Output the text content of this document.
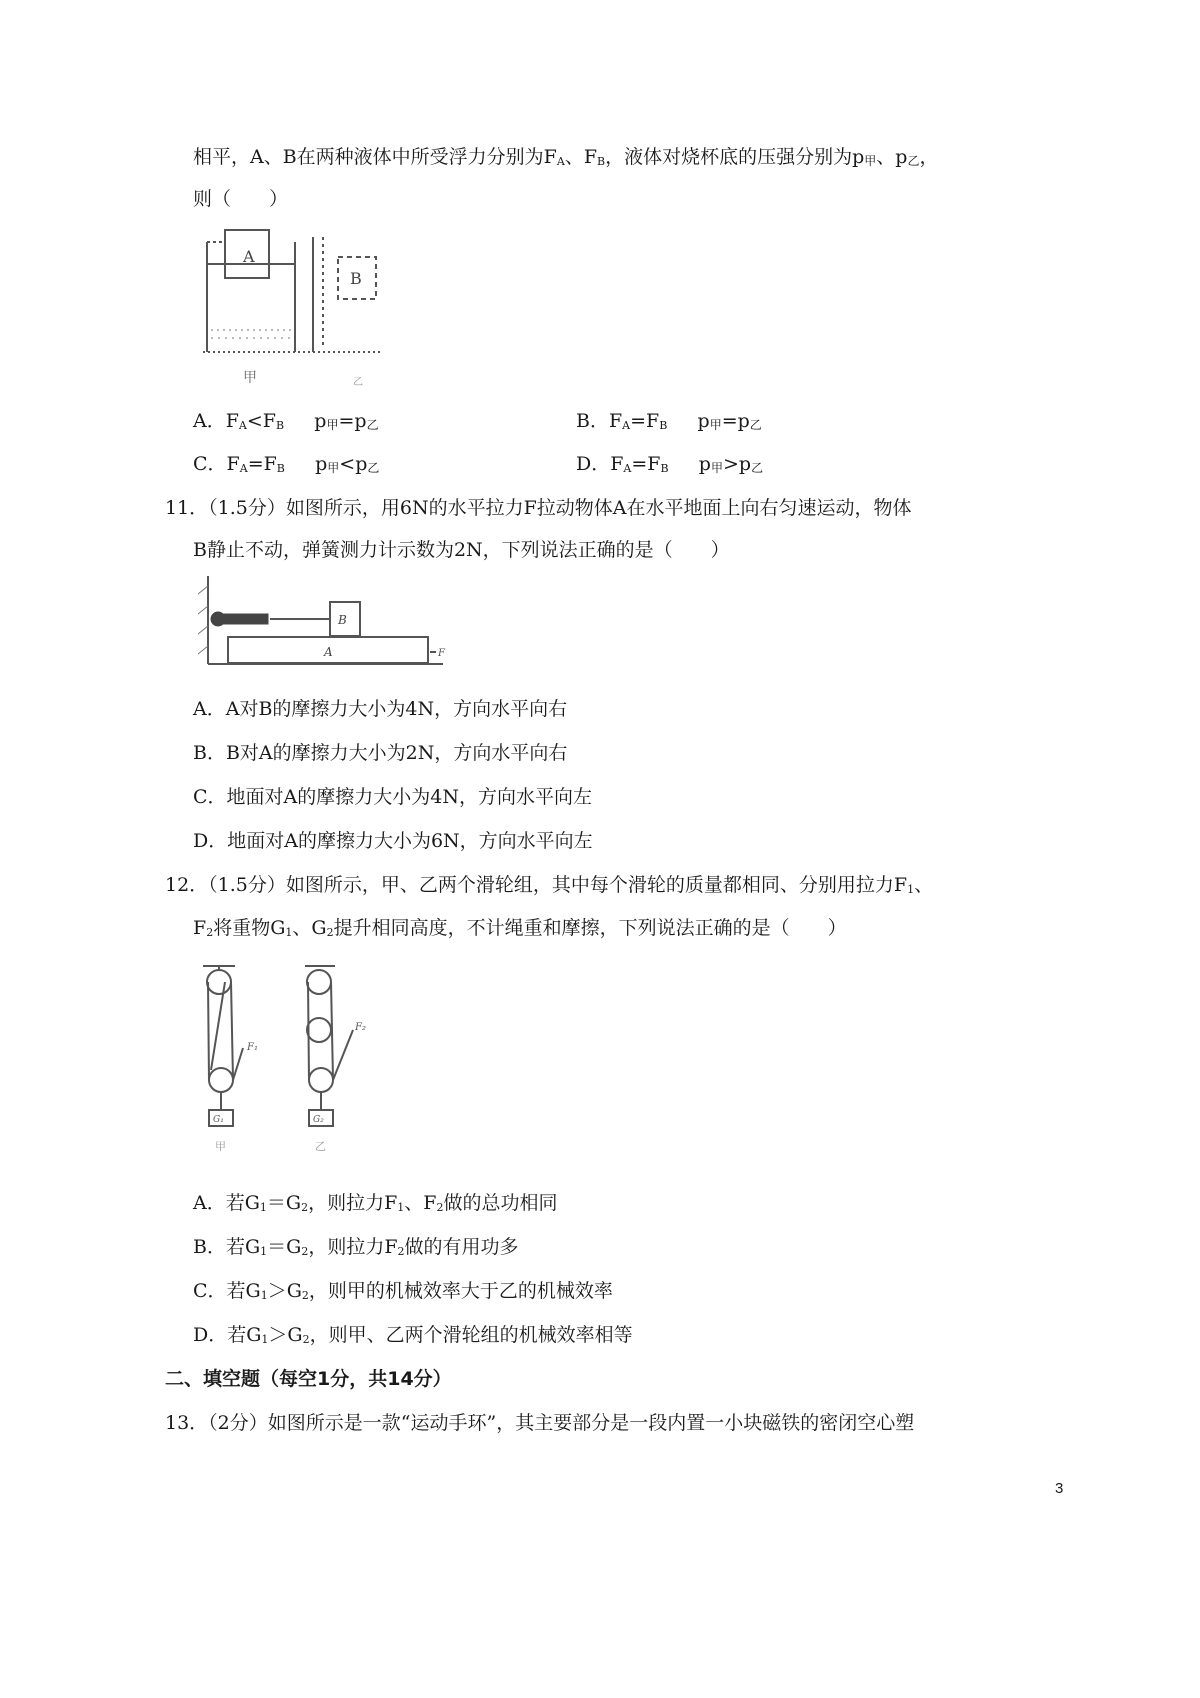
相平，A、B在两种液体中所受浮力分别为$F_A$、$F_B$，液体对烧杯底的压强分别为$p_甲$、$p_乙$，
则（　　）
A
B
甲	乙
A．$F_A<F_B$     $p_甲=p_乙$	B．$F_A=F_B$     $p_甲=p_乙$
C．$F_A=F_B$     $p_甲<p_乙$	D．$F_A=F_B$     $p_甲>p_乙$
11．（1.5分）如图所示，用6N的水平拉力F拉动物体A在水平地面上向右匀速运动，物体
B静止不动，弹簧测力计示数为2N，下列说法正确的是（　　）
B
A	F
A．A对B的摩擦力大小为4N，方向水平向右
B．B对A的摩擦力大小为2N，方向水平向右
C．地面对A的摩擦力大小为4N，方向水平向左
D．地面对A的摩擦力大小为6N，方向水平向左
12．（1.5分）如图所示，甲、乙两个滑轮组，其中每个滑轮的质量都相同、分别用拉力$F_1$、
$F_2$将重物$G_1$、$G_2$提升相同高度，不计绳重和摩擦，下列说法正确的是（　　）
F₁
F₂
G₁	G₂
甲	乙
A．若$G_1=G_2$，则拉力$F_1$、$F_2$做的总功相同
B．若$G_1=G_2$，则拉力$F_2$做的有用功多
C．若$G_1>G_2$，则甲的机械效率大于乙的机械效率
D．若$G_1>G_2$，则甲、乙两个滑轮组的机械效率相等
二、填空题（每空1分，共14分）
13．（2分）如图所示是一款“运动手环”，其主要部分是一段内置一小块磁铁的密闭空心塑
3
